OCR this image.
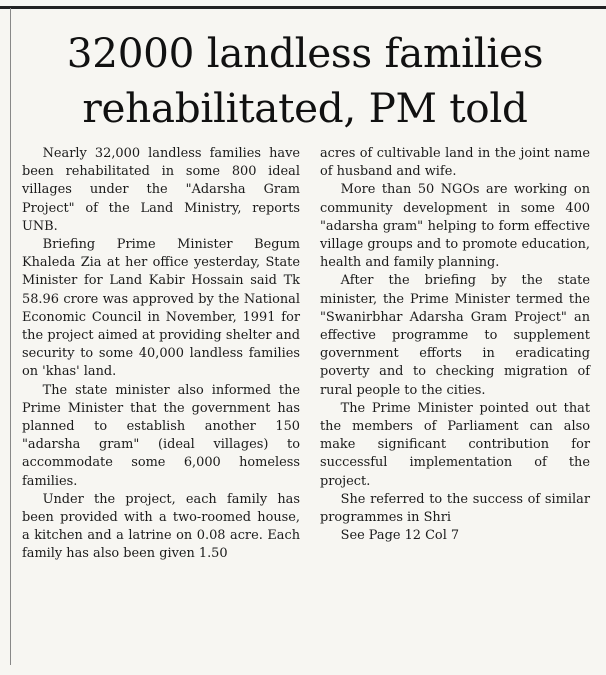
32000 landless families
rehabilitated, PM told

Nearly 32,000 landless families have been rehabilitated in some 800 ideal villages under the "Adarsha Gram Project" of the Land Ministry, reports UNB.

Briefing Prime Minister Begum Khaleda Zia at her office yesterday, State Minister for Land Kabir Hossain said Tk 58.96 crore was approved by the National Economic Council in November, 1991 for the project aimed at providing shelter and security to some 40,000 landless families on 'khas' land.

The state minister also informed the Prime Minister that the government has planned to establish another 150 "adarsha gram" (ideal villages) to accommodate some 6,000 homeless families.

Under the project, each family has been provided with a two-roomed house, a kitchen and a latrine on 0.08 acre. Each family has also been given 1.50

acres of cultivable land in the joint name of husband and wife.

More than 50 NGOs are working on community development in some 400 "adarsha gram" helping to form effective village groups and to promote education, health and family planning.

After the briefing by the state minister, the Prime Minister termed the "Swanirbhar Adarsha Gram Project" an effective programme to supplement government efforts in eradicating poverty and to checking migration of rural people to the cities.

The Prime Minister pointed out that the members of Parliament can also make significant contribution for successful implementation of the project.

She referred to the success of similar programmes in Shri

See Page 12 Col 7
